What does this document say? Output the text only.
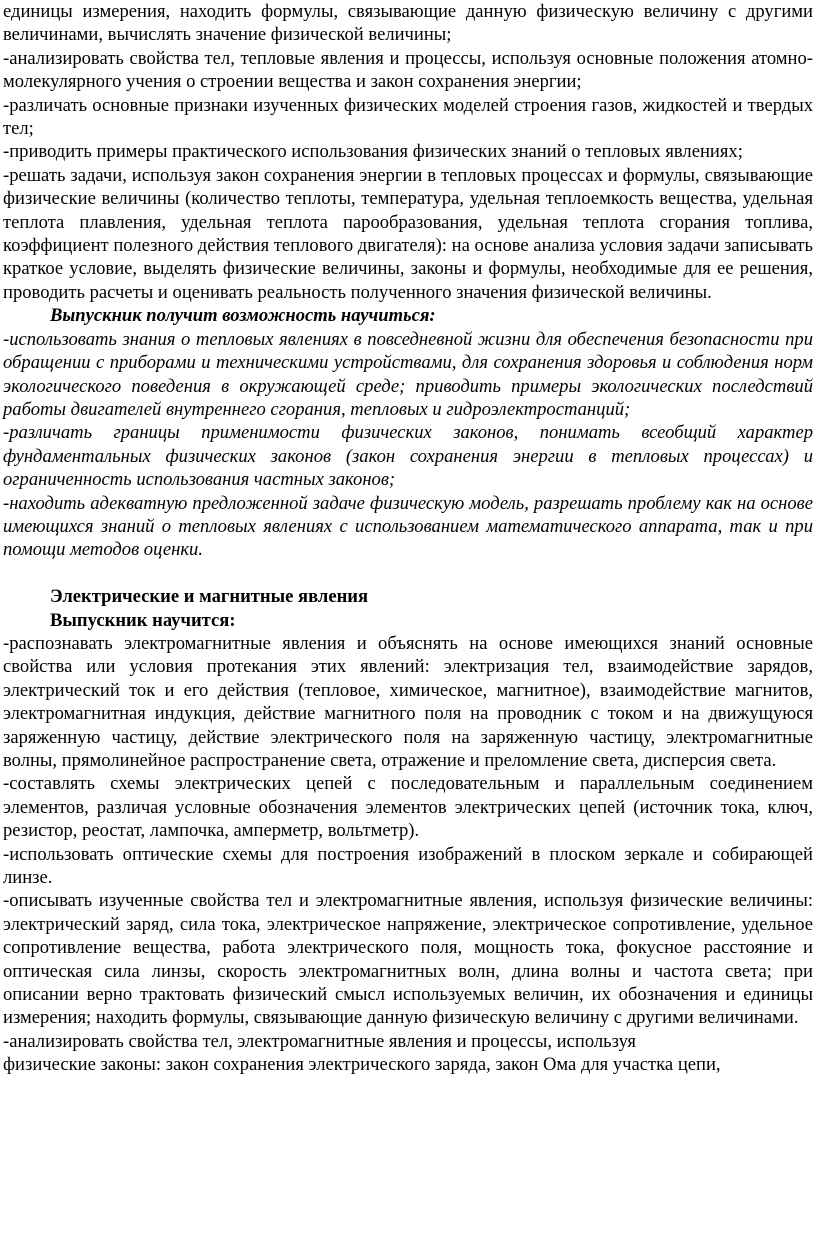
единицы измерения, находить формулы, связывающие данную физическую величину с другими величинами, вычислять значение физической величины;

-анализировать свойства тел, тепловые явления и процессы, используя основные положения атомно-молекулярного учения о строении вещества и закон сохранения энергии;

-различать основные признаки изученных физических моделей строения газов, жидкостей и твердых тел;

-приводить примеры практического использования физических знаний о тепловых явлениях;

-решать задачи, используя закон сохранения энергии в тепловых процессах и формулы, связывающие физические величины (количество теплоты, температура, удельная теплоемкость вещества, удельная теплота плавления, удельная теплота парообразования, удельная теплота сгорания топлива, коэффициент полезного действия теплового двигателя): на основе анализа условия задачи записывать краткое условие, выделять физические величины, законы и формулы, необходимые для ее решения, проводить расчеты и оценивать реальность полученного значения физической величины.

Выпускник получит возможность научиться:

-использовать знания о тепловых явлениях в повседневной жизни для обеспечения безопасности при обращении с приборами и техническими устройствами, для сохранения здоровья и соблюдения норм экологического поведения в окружающей среде; приводить примеры экологических последствий работы двигателей внутреннего сгорания, тепловых и гидроэлектростанций;

-различать границы применимости физических законов, понимать всеобщий характер фундаментальных физических законов (закон сохранения энергии в тепловых процессах) и ограниченность использования частных законов;

-находить адекватную предложенной задаче физическую модель, разрешать проблему как на основе имеющихся знаний о тепловых явлениях с использованием математического аппарата, так и при помощи методов оценки.

Электрические и магнитные явления

Выпускник научится:

-распознавать электромагнитные явления и объяснять на основе имеющихся знаний основные свойства или условия протекания этих явлений: электризация тел, взаимодействие зарядов, электрический ток и его действия (тепловое, химическое, магнитное), взаимодействие магнитов, электромагнитная индукция, действие магнитного поля на проводник с током и на движущуюся заряженную частицу, действие электрического поля на заряженную частицу, электромагнитные волны, прямолинейное распространение света, отражение и преломление света, дисперсия света.

-составлять схемы электрических цепей с последовательным и параллельным соединением элементов, различая условные обозначения элементов электрических цепей (источник тока, ключ, резистор, реостат, лампочка, амперметр, вольтметр).

-использовать оптические схемы для построения изображений в плоском зеркале и собирающей линзе.

-описывать изученные свойства тел и электромагнитные явления, используя физические величины: электрический заряд, сила тока, электрическое напряжение, электрическое сопротивление, удельное сопротивление вещества, работа электрического поля, мощность тока, фокусное расстояние и оптическая сила линзы, скорость электромагнитных волн, длина волны и частота света; при описании верно трактовать физический смысл используемых величин, их обозначения и единицы измерения; находить формулы, связывающие данную физическую величину с другими величинами.

-анализировать свойства тел, электромагнитные явления и процессы, используя

физические законы: закон сохранения электрического заряда, закон Ома для участка цепи,
